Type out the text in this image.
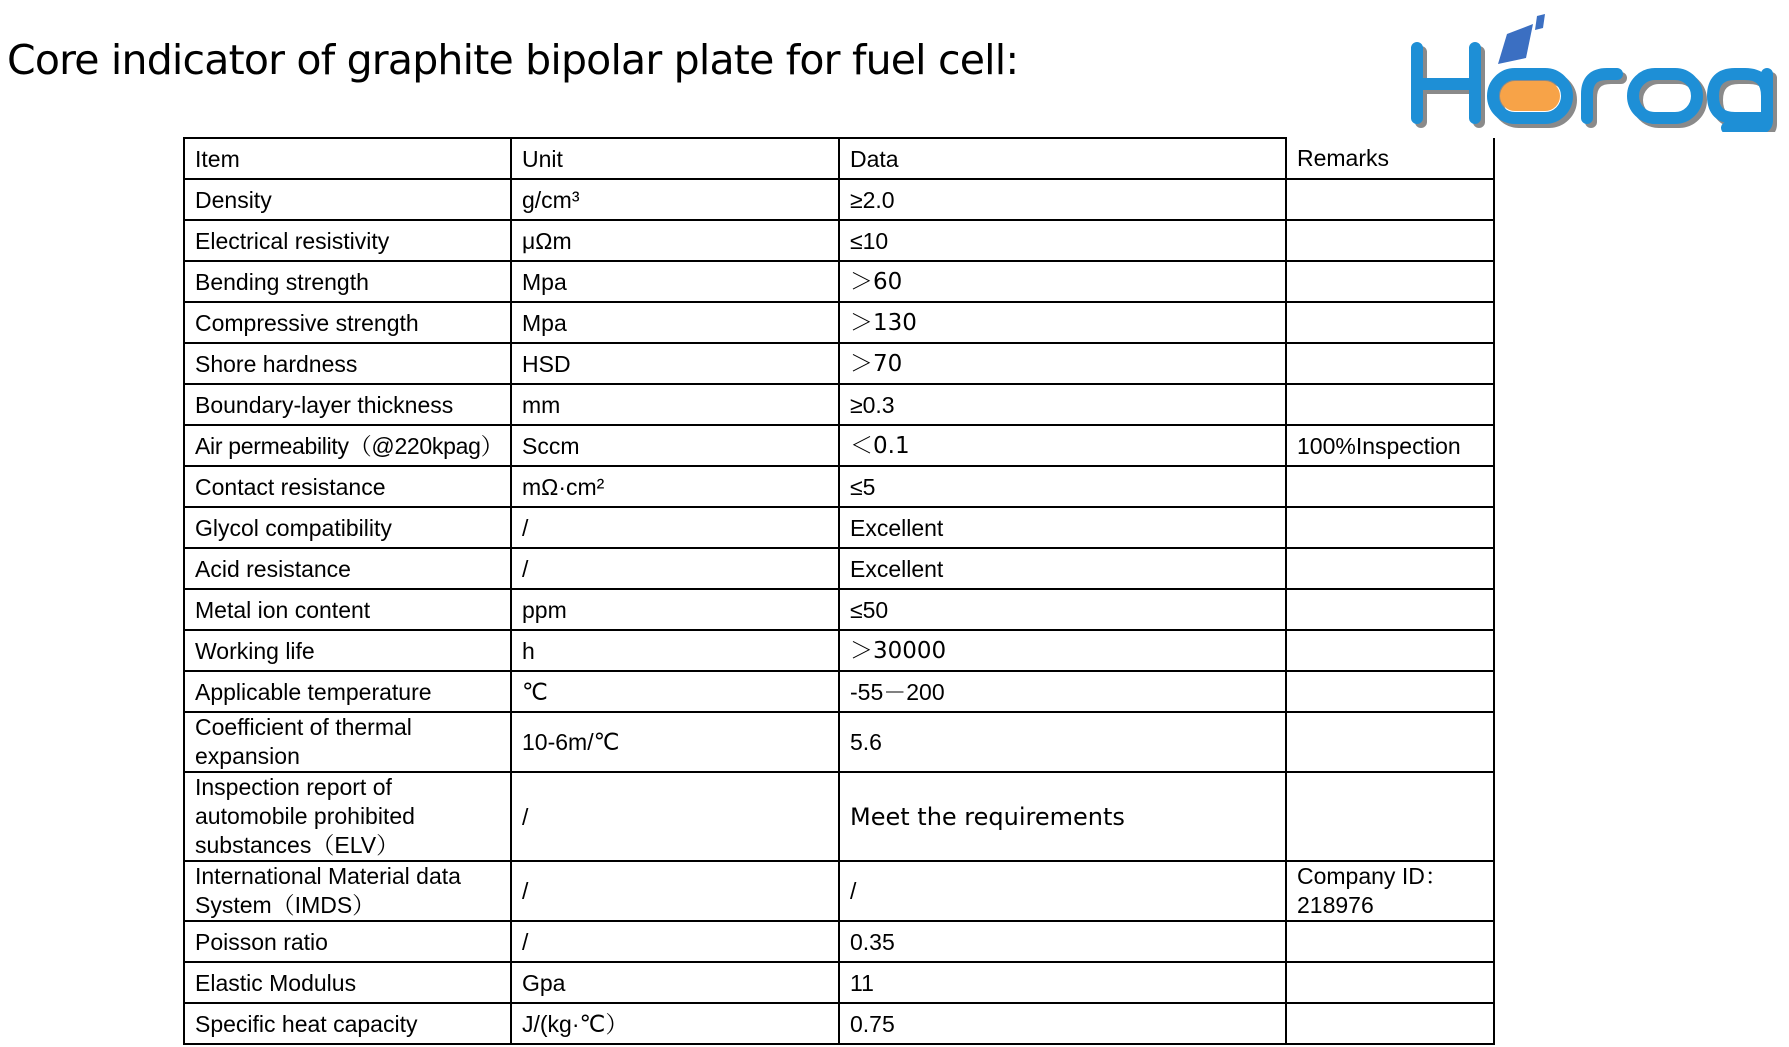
Core indicator of graphite bipolar plate for fuel cell:
Item	Unit	Data	Remarks
Density	g/cm³	≥2.0	
Electrical resistivity	μΩm	≤10	
Bending strength	Mpa	＞60	
Compressive strength	Mpa	＞130	
Shore hardness	HSD	＞70	
Boundary-layer thickness	mm	≥0.3	
Air permeability（@220kpag）	Sccm	＜0.1	100%Inspection
Contact resistance	mΩ·cm²	≤5	
Glycol compatibility	/	Excellent	
Acid resistance	/	Excellent	
Metal ion content	ppm	≤50	
Working life	h	＞30000	
Applicable temperature	℃	-55－200	
Coefficient of thermal expansion	10-6m/℃	5.6	
Inspection report of automobile prohibited substances（ELV）	/	Meet the requirements	
International Material data System（IMDS）	/	/	Company ID：218976
Poisson ratio	/	0.35	
Elastic Modulus	Gpa	11	
Specific heat capacity	J/(kg·℃）	0.75	
